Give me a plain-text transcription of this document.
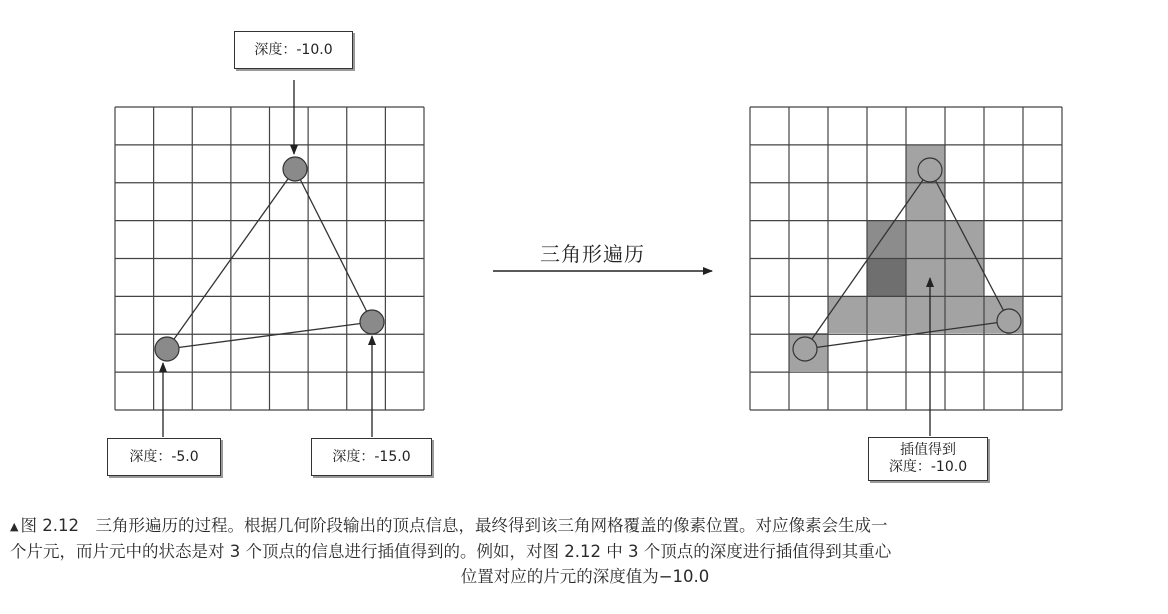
深度：-10.0
深度：-5.0	深度：-15.0	插值得到
深度：-10.0
三角形遍历
▲ 图 2.12　三角形遍历的过程。根据几何阶段输出的顶点信息，最终得到该三角网格覆盖的像素位置。对应像素会生成一
个片元，而片元中的状态是对 3 个顶点的信息进行插值得到的。例如，对图 2.12 中 3 个顶点的深度进行插值得到其重心
位置对应的片元的深度值为−10.0
